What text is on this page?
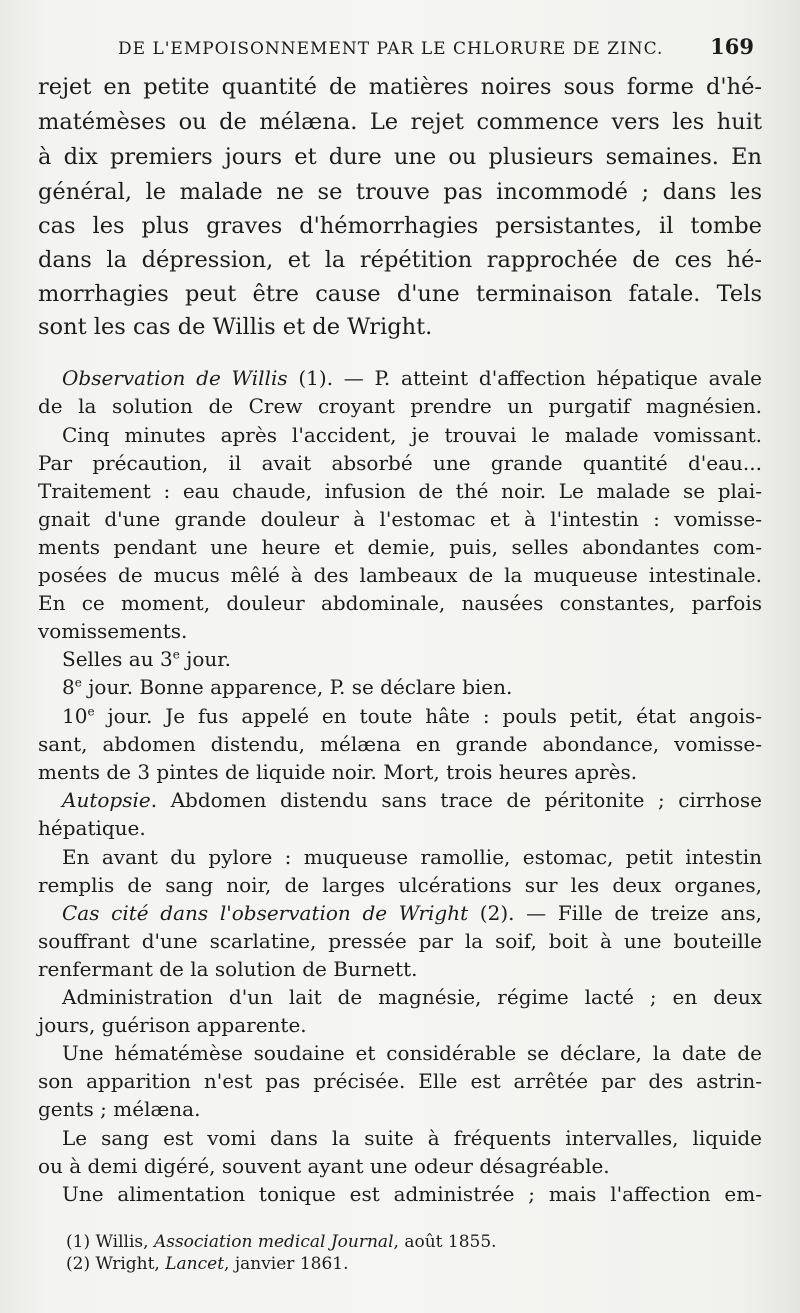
DE L'EMPOISONNEMENT PAR LE CHLORURE DE ZINC. 169
rejet en petite quantité de matières noires sous forme d'hé-
matémèses ou de mélæna. Le rejet commence vers les huit
à dix premiers jours et dure une ou plusieurs semaines. En
général, le malade ne se trouve pas incommodé ; dans les
cas les plus graves d'hémorrhagies persistantes, il tombe
dans la dépression, et la répétition rapprochée de ces hé-
morrhagies peut être cause d'une terminaison fatale. Tels
sont les cas de Willis et de Wright.
Observation de Willis (1). — P. atteint d'affection hépatique avale
de la solution de Crew croyant prendre un purgatif magnésien.
Cinq minutes après l'accident, je trouvai le malade vomissant.
Par précaution, il avait absorbé une grande quantité d'eau...
Traitement : eau chaude, infusion de thé noir. Le malade se plai-
gnait d'une grande douleur à l'estomac et à l'intestin : vomisse-
ments pendant une heure et demie, puis, selles abondantes com-
posées de mucus mêlé à des lambeaux de la muqueuse intestinale.
En ce moment, douleur abdominale, nausées constantes, parfois
vomissements.
Selles au 3e jour.
8e jour. Bonne apparence, P. se déclare bien.
10e jour. Je fus appelé en toute hâte : pouls petit, état angois-
sant, abdomen distendu, mélæna en grande abondance, vomisse-
ments de 3 pintes de liquide noir. Mort, trois heures après.
Autopsie. Abdomen distendu sans trace de péritonite ; cirrhose
hépatique.
En avant du pylore : muqueuse ramollie, estomac, petit intestin
remplis de sang noir, de larges ulcérations sur les deux organes,
Cas cité dans l'observation de Wright (2). — Fille de treize ans,
souffrant d'une scarlatine, pressée par la soif, boit à une bouteille
renfermant de la solution de Burnett.
Administration d'un lait de magnésie, régime lacté ; en deux
jours, guérison apparente.
Une hématémèse soudaine et considérable se déclare, la date de
son apparition n'est pas précisée. Elle est arrêtée par des astrin-
gents ; mélæna.
Le sang est vomi dans la suite à fréquents intervalles, liquide
ou à demi digéré, souvent ayant une odeur désagréable.
Une alimentation tonique est administrée ; mais l'affection em-
(1) Willis, Association medical Journal, août 1855.
(2) Wright, Lancet, janvier 1861.
